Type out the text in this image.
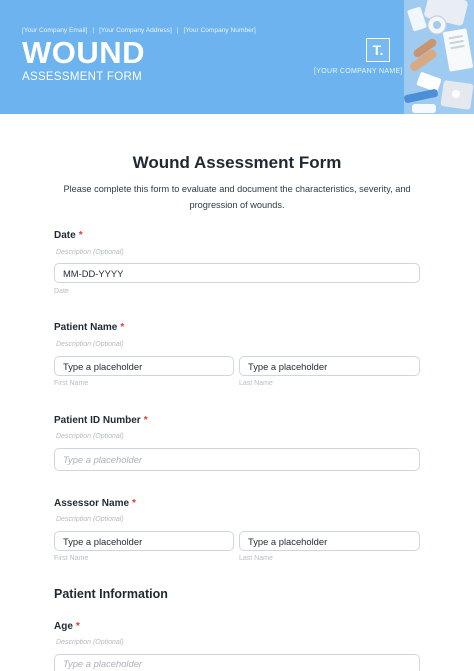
[Your Company Email] | [Your Company Address] | [Your Company Number]
WOUND
ASSESSMENT FORM
T.
[YOUR COMPANY NAME]
Wound Assessment Form
Please complete this form to evaluate and document the characteristics, severity, and progression of wounds.
Date *
Description (Optional)
MM-DD-YYYY
Date
Patient Name *
Description (Optional)
Type a placeholder	Type a placeholder
First Name	Last Name
Patient ID Number *
Description (Optional)
Type a placeholder
Assessor Name *
Description (Optional)
Type a placeholder	Type a placeholder
First Name	Last Name
Patient Information
Age *
Description (Optional)
Type a placeholder
